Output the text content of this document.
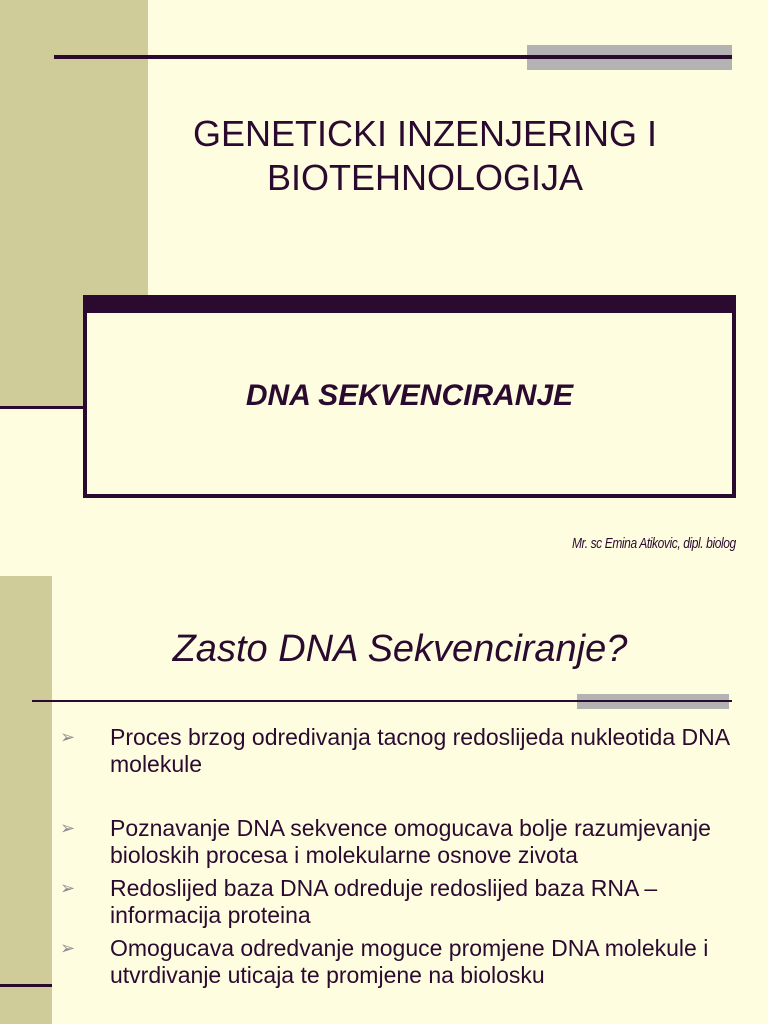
GENETICKI INZENJERING I
BIOTEHNOLOGIJA
DNA SEKVENCIRANJE
Mr. sc Emina Atikovic, dipl. biolog
Zasto DNA Sekvenciranje?
➢ Proces brzog odredivanja tacnog redoslijeda nukleotida DNA molekule
➢ Poznavanje DNA sekvence omogucava bolje razumjevanje bioloskih procesa i molekularne osnove zivota
➢ Redoslijed baza DNA odreduje redoslijed baza RNA – informacija proteina
➢ Omogucava odredvanje moguce promjene DNA molekule i utvrdivanje uticaja te promjene na biolosku
